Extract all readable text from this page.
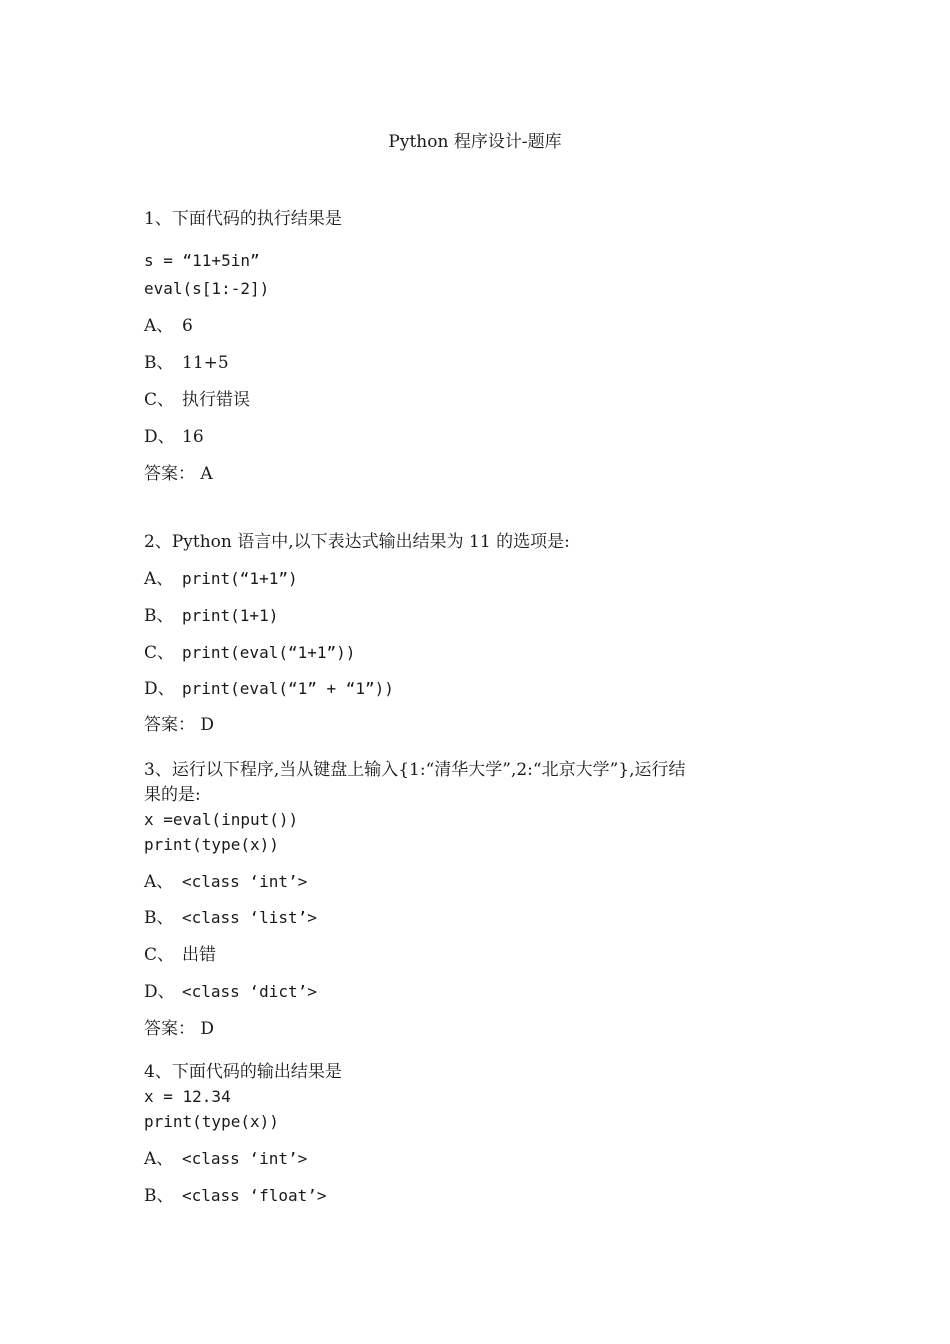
Python 程序设计-题库
1、下面代码的执行结果是
s = “11+5in”
eval(s[1:-2])
A、 6
B、 11+5
C、 执行错误
D、 16
答案： A
2、Python 语言中,以下表达式输出结果为 11 的选项是:
A、 print(“1+1”)
B、 print(1+1)
C、 print(eval(“1+1”))
D、 print(eval(“1” + “1”))
答案： D
3、运行以下程序,当从键盘上输入{1:“清华大学”,2:“北京大学”},运行结
果的是:
x =eval(input())
print(type(x))
A、 <class ‘int’>
B、 <class ‘list’>
C、 出错
D、 <class ‘dict’>
答案： D
4、下面代码的输出结果是
x = 12.34
print(type(x))
A、 <class ‘int’>
B、 <class ‘float’>
